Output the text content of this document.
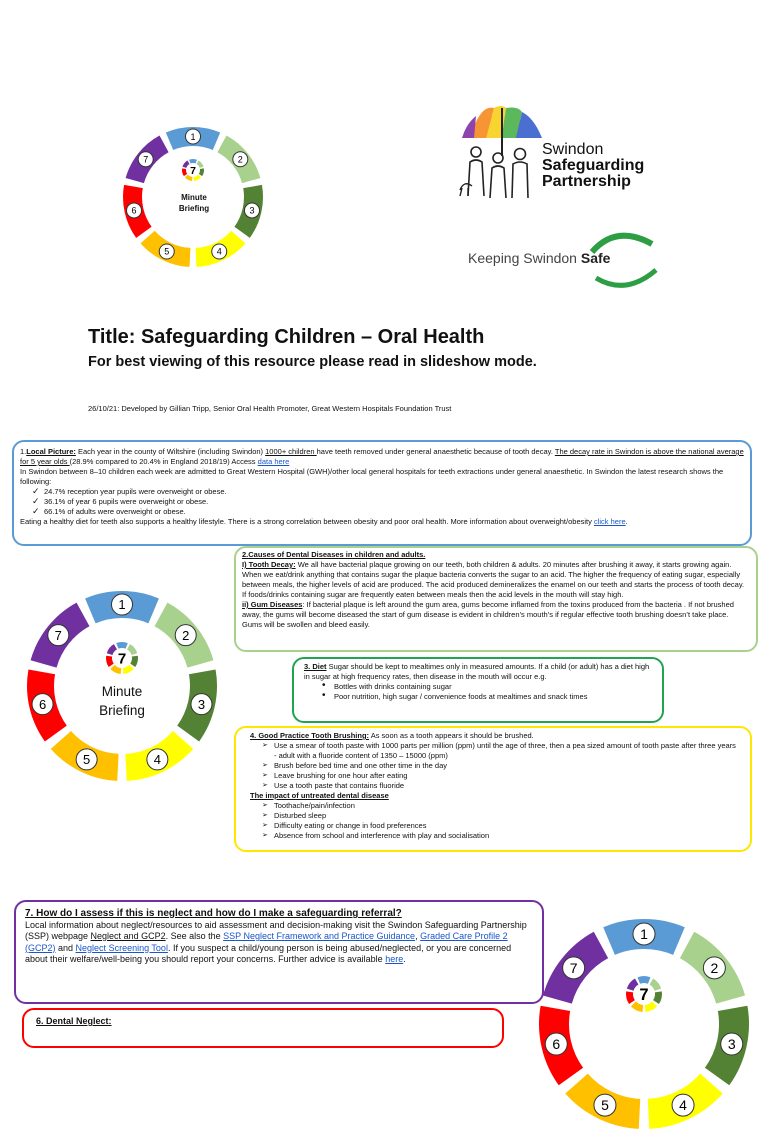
1
2
3
4
5
6
7
7
Minute
Briefing
Swindon
Safeguarding
Partnership
Keeping Swindon Safe
Title: Safeguarding Children – Oral Health
For best viewing of this resource please read in slideshow mode.
26/10/21: Developed by Gillian Tripp, Senior Oral Health Promoter, Great Western Hospitals Foundation Trust
1.Local Picture: Each year in the county of Wiltshire (including Swindon) 1000+ children have teeth removed under general anaesthetic because of tooth decay. The decay rate in Swindon is above the national average for 5 year olds (28.9% compared to 20.4% in England 2018/19) Access data here
In Swindon between 8–10 children each week are admitted to Great Western Hospital (GWH)/other local general hospitals for teeth extractions under general anaesthetic. In Swindon the latest research shows the following:
✓ 24.7% reception year pupils were overweight or obese.
✓ 36.1% of year 6 pupils were overweight or obese.
✓ 66.1% of adults were overweight or obese.
Eating a healthy diet for teeth also supports a healthy lifestyle. There is a strong correlation between obesity and poor oral health. More information about overweight/obesity click here.
1
2
3
4
5
6
7
7
Minute
Briefing
2.Causes of Dental Diseases in children and adults.
I) Tooth Decay: We all have bacterial plaque growing on our teeth, both children & adults. 20 minutes after brushing it away, it starts growing again. When we eat/drink anything that contains sugar the plaque bacteria converts the sugar to an acid. The higher the frequency of eating sugar, especially between meals, the higher levels of acid are produced. The acid produced demineralizes the enamel on our teeth and starts the process of tooth decay. If foods/drinks containing sugar are frequently eaten between meals then the acid levels in the mouth will stay high.
ii) Gum Diseases: If bacterial plaque is left around the gum area, gums become inflamed from the toxins produced from the bacteria . If not brushed away, the gums will become diseased the start of gum disease is evident in children’s mouth’s if regular effective tooth brushing doesn’t take place. Gums will be swollen and bleed easily.
3. Diet Sugar should be kept to mealtimes only in measured amounts. If a child (or adult) has a diet high in sugar at high frequency rates, then disease in the mouth will occur e.g.
• Bottles with drinks containing sugar
• Poor nutrition, high sugar / convenience foods at mealtimes and snack times
4. Good Practice Tooth Brushing: As soon as a tooth appears it should be brushed.
➢ Use a smear of tooth paste with 1000 parts per million (ppm) until the age of three, then a pea sized amount of tooth paste after three years - adult with a fluoride content of 1350 – 15000 (ppm)
➢ Brush before bed time and one other time in the day
➢ Leave brushing for one hour after eating
➢ Use a tooth paste that contains fluoride
The impact of untreated dental disease
➢ Toothache/pain/infection
➢ Disturbed sleep
➢ Difficulty eating or change in food preferences
➢ Absence from school and interference with play and socialisation
7. How do I assess if this is neglect and how do I make a safeguarding referral?
Local information about neglect/resources to aid assessment and decision-making visit the Swindon Safeguarding Partnership (SSP) webpage Neglect and GCP2. See also the SSP Neglect Framework and Practice Guidance, Graded Care Profile 2 (GCP2) and Neglect Screening Tool. If you suspect a child/young person is being abused/neglected, or you are concerned about their welfare/well-being you should report your concerns. Further advice is available here.
6. Dental Neglect:
1
2
3
4
5
6
7
7
